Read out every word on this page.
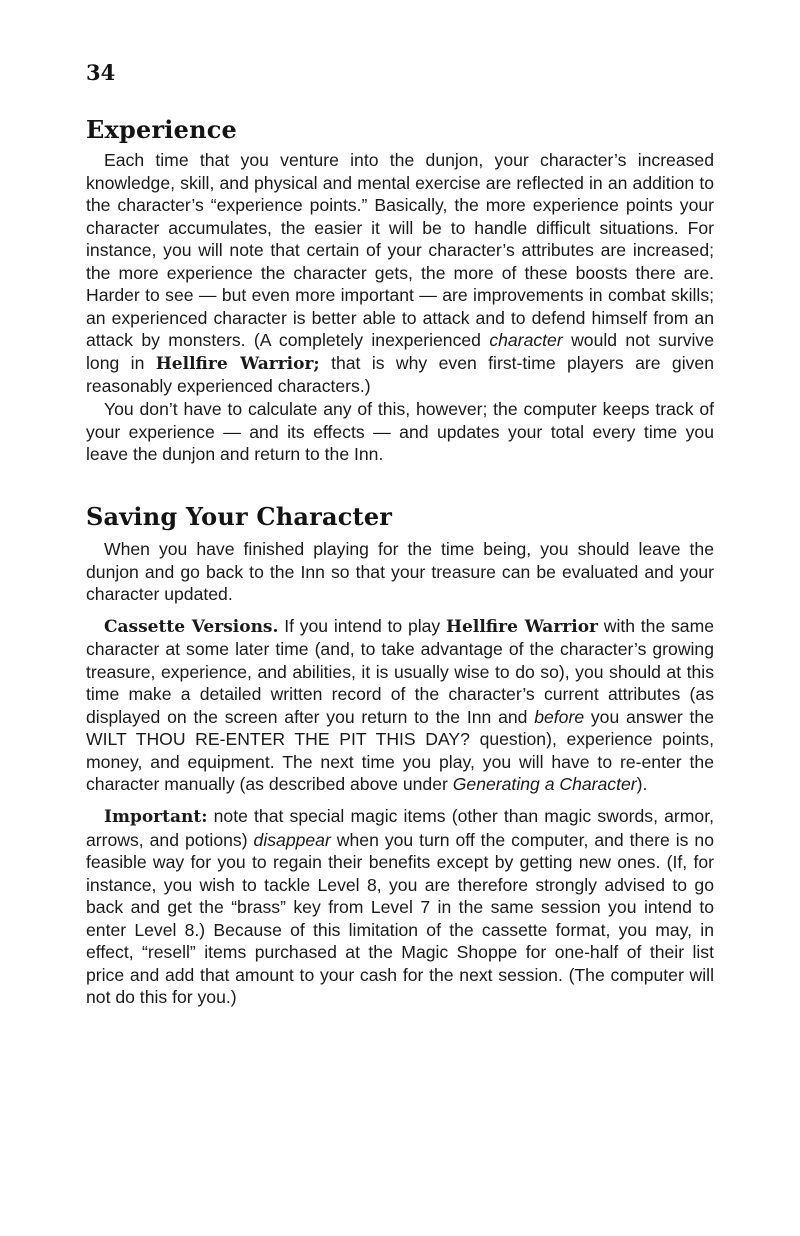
34
Experience

Each time that you venture into the dunjon, your character’s increased knowledge, skill, and physical and mental exercise are reflected in an addition to the character’s “experience points.” Basically, the more experience points your character accumulates, the easier it will be to handle difficult situations. For instance, you will note that certain of your character’s attributes are increased; the more experience the character gets, the more of these boosts there are. Harder to see — but even more important — are improvements in combat skills; an experienced character is better able to attack and to defend himself from an attack by monsters. (A completely inexperienced character would not survive long in Hellfire Warrior; that is why even first-time players are given reasonably experienced characters.)

You don’t have to calculate any of this, however; the computer keeps track of your experience — and its effects — and updates your total every time you leave the dunjon and return to the Inn.

Saving Your Character

When you have finished playing for the time being, you should leave the dunjon and go back to the Inn so that your treasure can be evaluated and your character updated.

Cassette Versions. If you intend to play Hellfire Warrior with the same character at some later time (and, to take advantage of the character’s growing treasure, experience, and abilities, it is usually wise to do so), you should at this time make a detailed written record of the character’s current attributes (as displayed on the screen after you return to the Inn and before you answer the WILT THOU RE-ENTER THE PIT THIS DAY? question), experience points, money, and equipment. The next time you play, you will have to re-enter the character manually (as described above under Generating a Character).

Important: note that special magic items (other than magic swords, armor, arrows, and potions) disappear when you turn off the computer, and there is no feasible way for you to regain their benefits except by getting new ones. (If, for instance, you wish to tackle Level 8, you are therefore strongly advised to go back and get the “brass” key from Level 7 in the same session you intend to enter Level 8.) Because of this limitation of the cassette format, you may, in effect, “resell” items purchased at the Magic Shoppe for one-half of their list price and add that amount to your cash for the next session. (The computer will not do this for you.)
